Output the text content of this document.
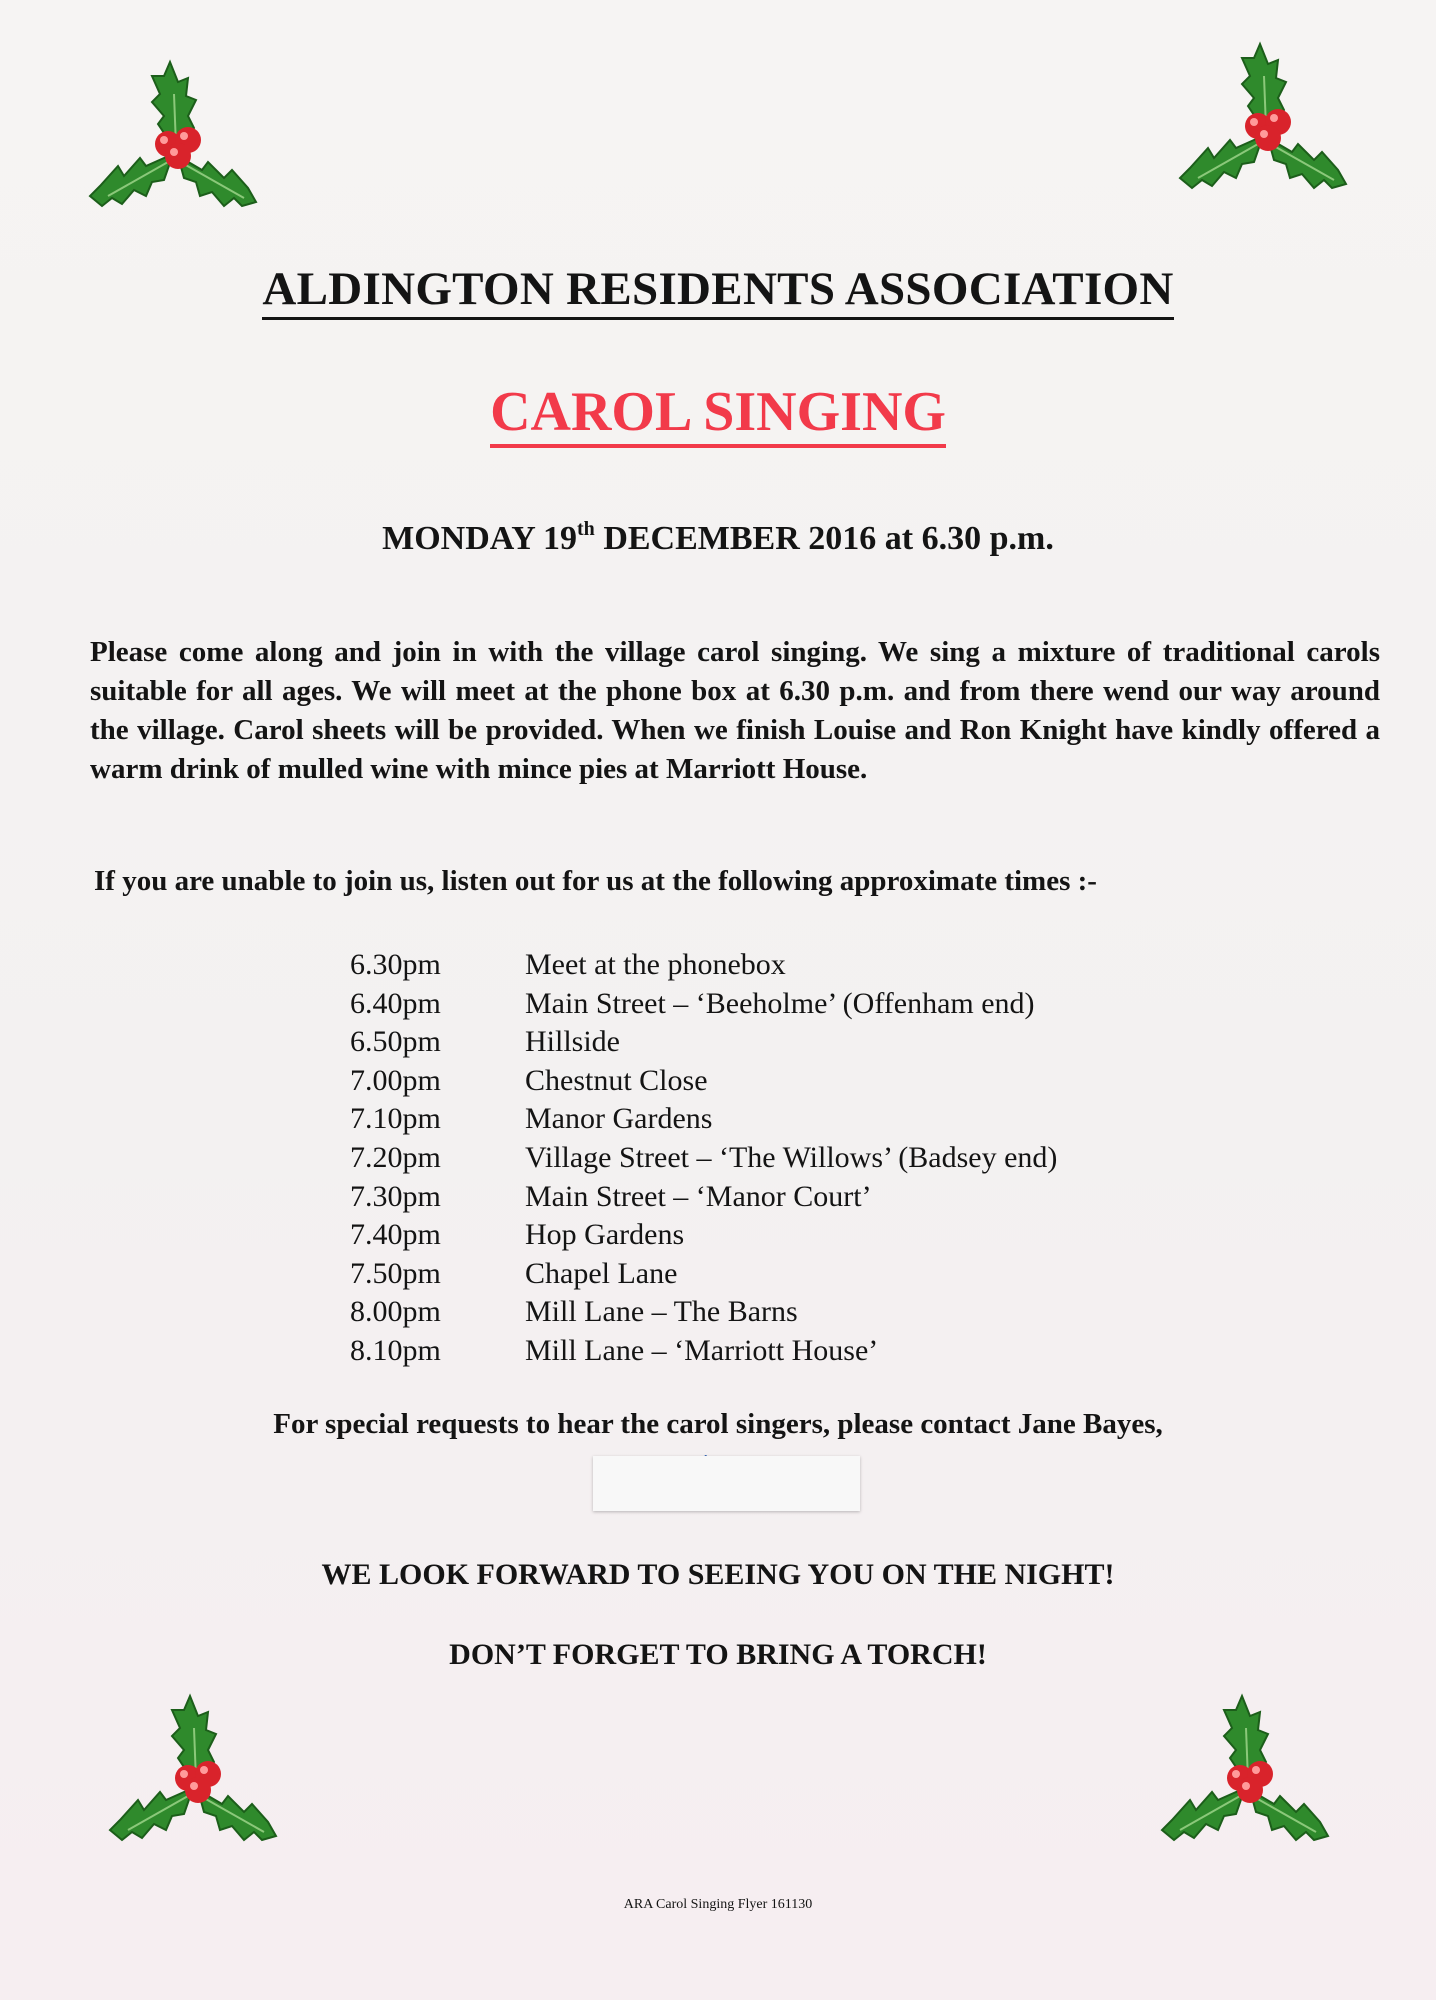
ALDINGTON RESIDENTS ASSOCIATION
CAROL SINGING
MONDAY 19th DECEMBER 2016 at 6.30 p.m.
Please come along and join in with the village carol singing. We sing a mixture of traditional carols suitable for all ages. We will meet at the phone box at 6.30 p.m. and from there wend our way around the village. Carol sheets will be provided. When we finish Louise and Ron Knight have kindly offered a warm drink of mulled wine with mince pies at Marriott House.
If you are unable to join us, listen out for us at the following approximate times :-
6.30pm	Meet at the phonebox
6.40pm	Main Street – ‘Beeholme’ (Offenham end)
6.50pm	Hillside
7.00pm	Chestnut Close
7.10pm	Manor Gardens
7.20pm	Village Street – ‘The Willows’ (Badsey end)
7.30pm	Main Street – ‘Manor Court’
7.40pm	Hop Gardens
7.50pm	Chapel Lane
8.00pm	Mill Lane – The Barns
8.10pm	Mill Lane – ‘Marriott House’
For special requests to hear the carol singers, please contact Jane Bayes,
WE LOOK FORWARD TO SEEING YOU ON THE NIGHT!
DON’T FORGET TO BRING A TORCH!
ARA Carol Singing Flyer 161130
